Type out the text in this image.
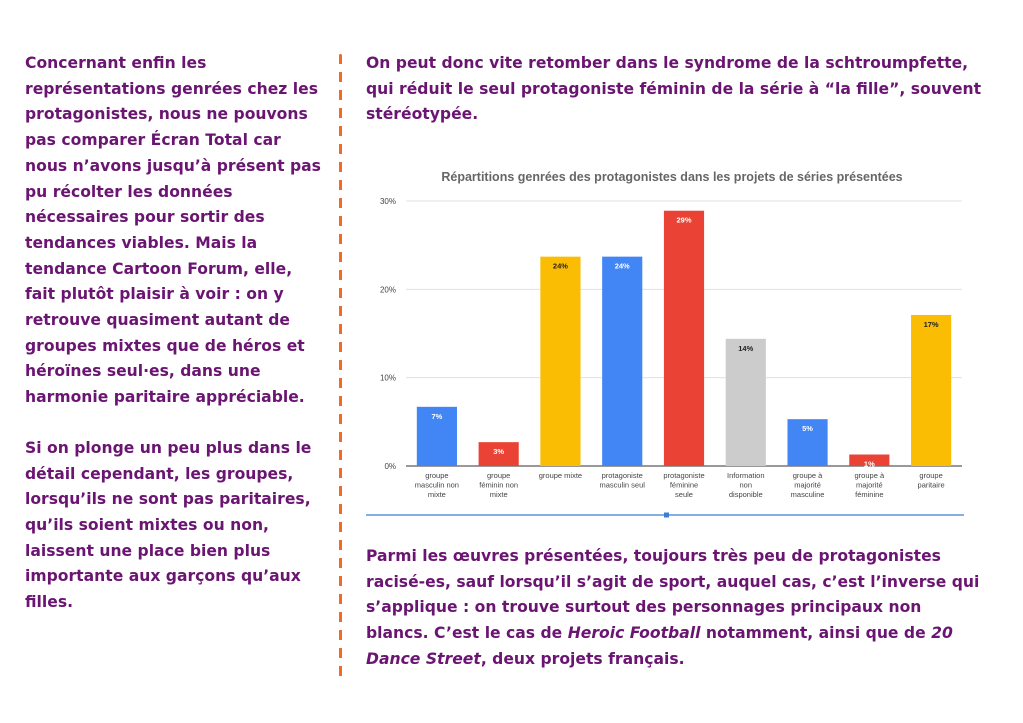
Concernant enfin les représentations genrées chez les protagonistes, nous ne pouvons pas comparer Écran Total car nous n’avons jusqu’à présent pas pu récolter les données nécessaires pour sortir des tendances viables. Mais la tendance Cartoon Forum, elle, fait plutôt plaisir à voir : on y retrouve quasiment autant de groupes mixtes que de héros et héroïnes seul·es, dans une harmonie paritaire appréciable.

Si on plonge un peu plus dans le détail cependant, les groupes, lorsqu’ils ne sont pas paritaires, qu’ils soient mixtes ou non, laissent une place bien plus importante aux garçons qu’aux filles.

On peut donc vite retomber dans le syndrome de la schtroumpfette, qui réduit le seul protagoniste féminin de la série à “la fille”, souvent stéréotypée.

Répartitions genrées des protagonistes dans les projets de séries présentées
0%
10%
20%
30%
7%
groupe
masculin non
mixte
3%
groupe
féminin non
mixte
24%
groupe mixte
24%
protagoniste
masculin seul
29%
protagoniste
féminine
seule
14%
Information
non
disponible
5%
groupe à
majorité
masculine
1%
groupe à
majorité
féminine
17%
groupe
paritaire

Parmi les œuvres présentées, toujours très peu de protagonistes racisé-es, sauf lorsqu’il s’agit de sport, auquel cas, c’est l’inverse qui s’applique : on trouve surtout des personnages principaux non blancs. C’est le cas de Heroic Football notamment, ainsi que de 20 Dance Street, deux projets français.
